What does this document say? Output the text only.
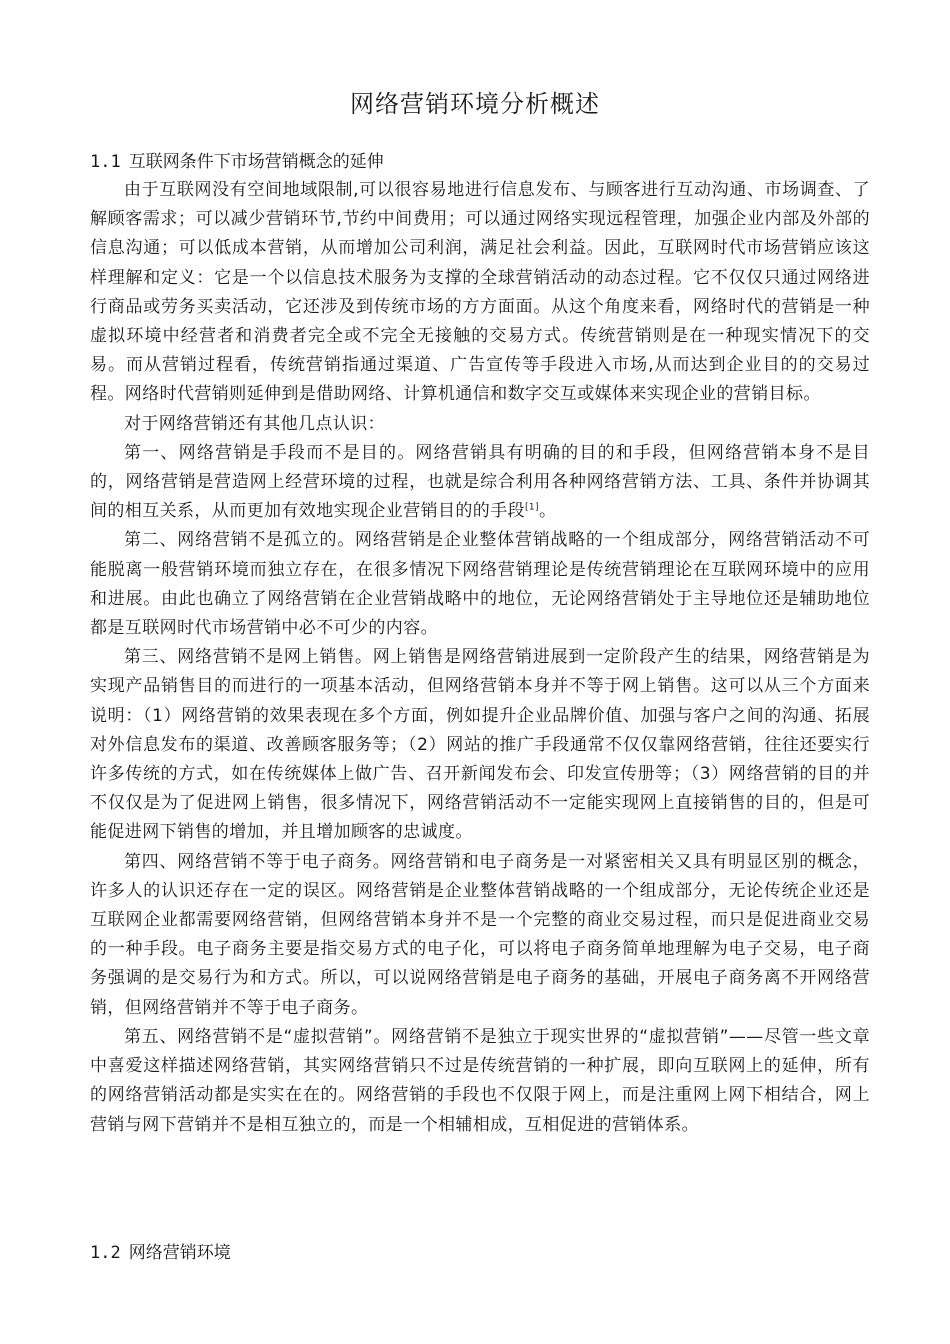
网络营销环境分析概述
1.1 互联网条件下市场营销概念的延伸

由于互联网没有空间地域限制,可以很容易地进行信息发布、与顾客进行互动沟通、市场调查、了解顾客需求；可以减少营销环节,节约中间费用；可以通过网络实现远程管理，加强企业内部及外部的信息沟通；可以低成本营销，从而增加公司利润，满足社会利益。因此，互联网时代市场营销应该这样理解和定义：它是一个以信息技术服务为支撑的全球营销活动的动态过程。它不仅仅只通过网络进行商品或劳务买卖活动，它还涉及到传统市场的方方面面。从这个角度来看，网络时代的营销是一种虚拟环境中经营者和消费者完全或不完全无接触的交易方式。传统营销则是在一种现实情况下的交易。而从营销过程看，传统营销指通过渠道、广告宣传等手段进入市场,从而达到企业目的的交易过程。网络时代营销则延伸到是借助网络、计算机通信和数字交互或媒体来实现企业的营销目标。

对于网络营销还有其他几点认识：

第一、网络营销是手段而不是目的。网络营销具有明确的目的和手段，但网络营销本身不是目的，网络营销是营造网上经营环境的过程，也就是综合利用各种网络营销方法、工具、条件并协调其间的相互关系，从而更加有效地实现企业营销目的的手段[1]。

第二、网络营销不是孤立的。网络营销是企业整体营销战略的一个组成部分，网络营销活动不可能脱离一般营销环境而独立存在，在很多情况下网络营销理论是传统营销理论在互联网环境中的应用和进展。由此也确立了网络营销在企业营销战略中的地位，无论网络营销处于主导地位还是辅助地位都是互联网时代市场营销中必不可少的内容。

第三、网络营销不是网上销售。网上销售是网络营销进展到一定阶段产生的结果，网络营销是为实现产品销售目的而进行的一项基本活动，但网络营销本身并不等于网上销售。这可以从三个方面来说明：（1）网络营销的效果表现在多个方面，例如提升企业品牌价值、加强与客户之间的沟通、拓展对外信息发布的渠道、改善顾客服务等；（2）网站的推广手段通常不仅仅靠网络营销，往往还要实行许多传统的方式，如在传统媒体上做广告、召开新闻发布会、印发宣传册等；（3）网络营销的目的并不仅仅是为了促进网上销售，很多情况下，网络营销活动不一定能实现网上直接销售的目的，但是可能促进网下销售的增加，并且增加顾客的忠诚度。

第四、网络营销不等于电子商务。网络营销和电子商务是一对紧密相关又具有明显区别的概念，许多人的认识还存在一定的误区。网络营销是企业整体营销战略的一个组成部分，无论传统企业还是互联网企业都需要网络营销，但网络营销本身并不是一个完整的商业交易过程，而只是促进商业交易的一种手段。电子商务主要是指交易方式的电子化，可以将电子商务简单地理解为电子交易，电子商务强调的是交易行为和方式。所以，可以说网络营销是电子商务的基础，开展电子商务离不开网络营销，但网络营销并不等于电子商务。

第五、网络营销不是“虚拟营销”。网络营销不是独立于现实世界的“虚拟营销”——尽管一些文章中喜爱这样描述网络营销，其实网络营销只不过是传统营销的一种扩展，即向互联网上的延伸，所有的网络营销活动都是实实在在的。网络营销的手段也不仅限于网上，而是注重网上网下相结合，网上营销与网下营销并不是相互独立的，而是一个相辅相成，互相促进的营销体系。

1.2 网络营销环境
